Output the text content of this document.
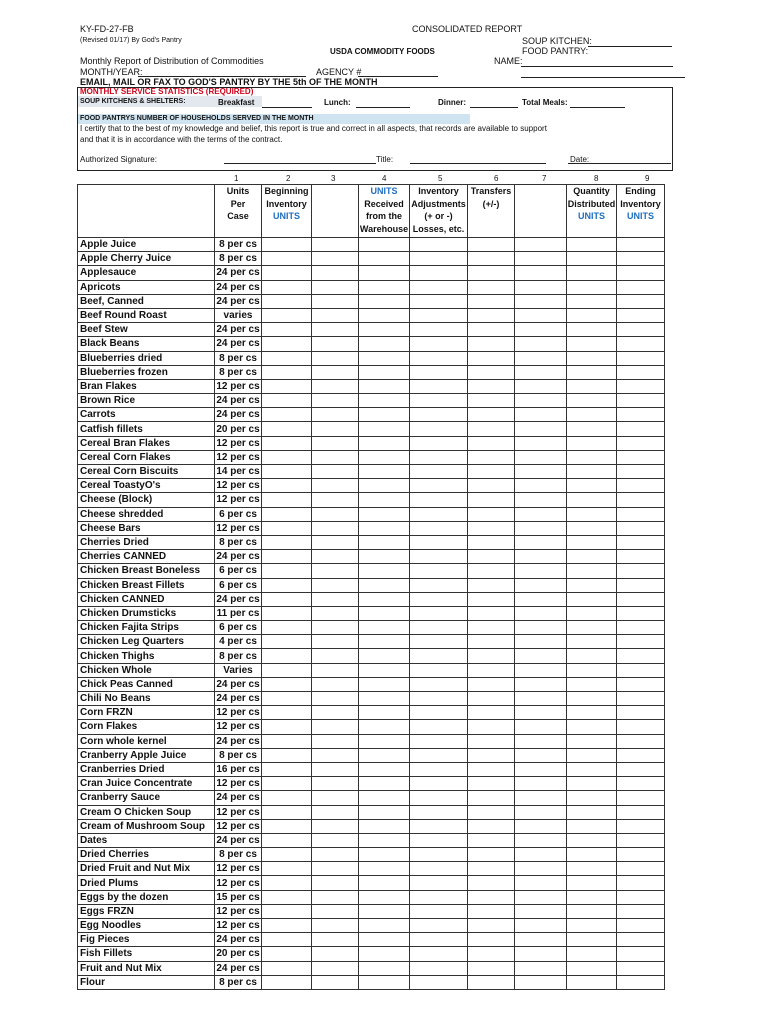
KY-FD-27-FB
(Revised 01/17) By God's Pantry
CONSOLIDATED REPORT
SOUP KITCHEN:
FOOD PANTRY:
USDA COMMODITY FOODS
NAME:
Monthly Report of Distribution of Commodities
MONTH/YEAR:	AGENCY #
EMAIL, MAIL OR FAX TO GOD'S PANTRY BY THE 5th OF THE MONTH
MONTHLY SERVICE STATISTICS (REQUIRED)
SOUP KITCHENS & SHELTERS:	Breakfast	Lunch:	Dinner:	Total Meals:
FOOD PANTRYS NUMBER OF HOUSEHOLDS SERVED IN THE MONTH
I certify that to the best of my knowledge and belief, this report is true and correct in all aspects, that records are available to support
and that it is in accordance with the terms of the contract.
Authorized Signature:	Title:	Date:
1	2	3	4	5	6	7	8	9

	Units
Per
Case	Beginning
Inventory
UNITS		UNITS
Received
from the
Warehouse	Inventory
Adjustments
(+ or -)
Losses, etc.	Transfers
(+/-)		Quantity
Distributed
UNITS	Ending
Inventory
UNITS

Apple Juice	8 per cs								
Apple Cherry Juice	8 per cs								
Applesauce	24 per cs								
Apricots	24 per cs								
Beef, Canned	24 per cs								
Beef Round Roast	varies								
Beef Stew	24 per cs								
Black Beans	24 per cs								
Blueberries dried	8 per cs								
Blueberries frozen	8 per cs								
Bran Flakes	12 per cs								
Brown Rice	24 per cs								
Carrots	24 per cs								
Catfish fillets	20 per cs								
Cereal Bran Flakes	12 per cs								
Cereal Corn Flakes	12 per cs								
Cereal Corn Biscuits	14 per cs								
Cereal ToastyO's	12 per cs								
Cheese (Block)	12 per cs								
Cheese shredded	6 per cs								
Cheese Bars	12 per cs								
Cherries Dried	8 per cs								
Cherries CANNED	24 per cs								
Chicken Breast Boneless	6 per cs								
Chicken Breast Fillets	6 per cs								
Chicken CANNED	24 per cs								
Chicken Drumsticks	11 per cs								
Chicken Fajita Strips	6 per cs								
Chicken Leg Quarters	4 per cs								
Chicken Thighs	8 per cs								
Chicken Whole	Varies								
Chick Peas Canned	24 per cs								
Chili No Beans	24 per cs								
Corn FRZN	12 per cs								
Corn Flakes	12 per cs								
Corn whole kernel	24 per cs								
Cranberry Apple Juice	8 per cs								
Cranberries Dried	16 per cs								
Cran Juice Concentrate	12 per cs								
Cranberry Sauce	24 per cs								
Cream O Chicken Soup	12 per cs								
Cream of Mushroom Soup	12 per cs								
Dates	24 per cs								
Dried Cherries	8 per cs								
Dried Fruit and Nut Mix	12 per cs								
Dried Plums	12 per cs								
Eggs by the dozen	15 per cs								
Eggs FRZN	12 per cs								
Egg Noodles	12 per cs								
Fig Pieces	24 per cs								
Fish Fillets	20 per cs								
Fruit and Nut Mix	24 per cs								
Flour	8 per cs								
